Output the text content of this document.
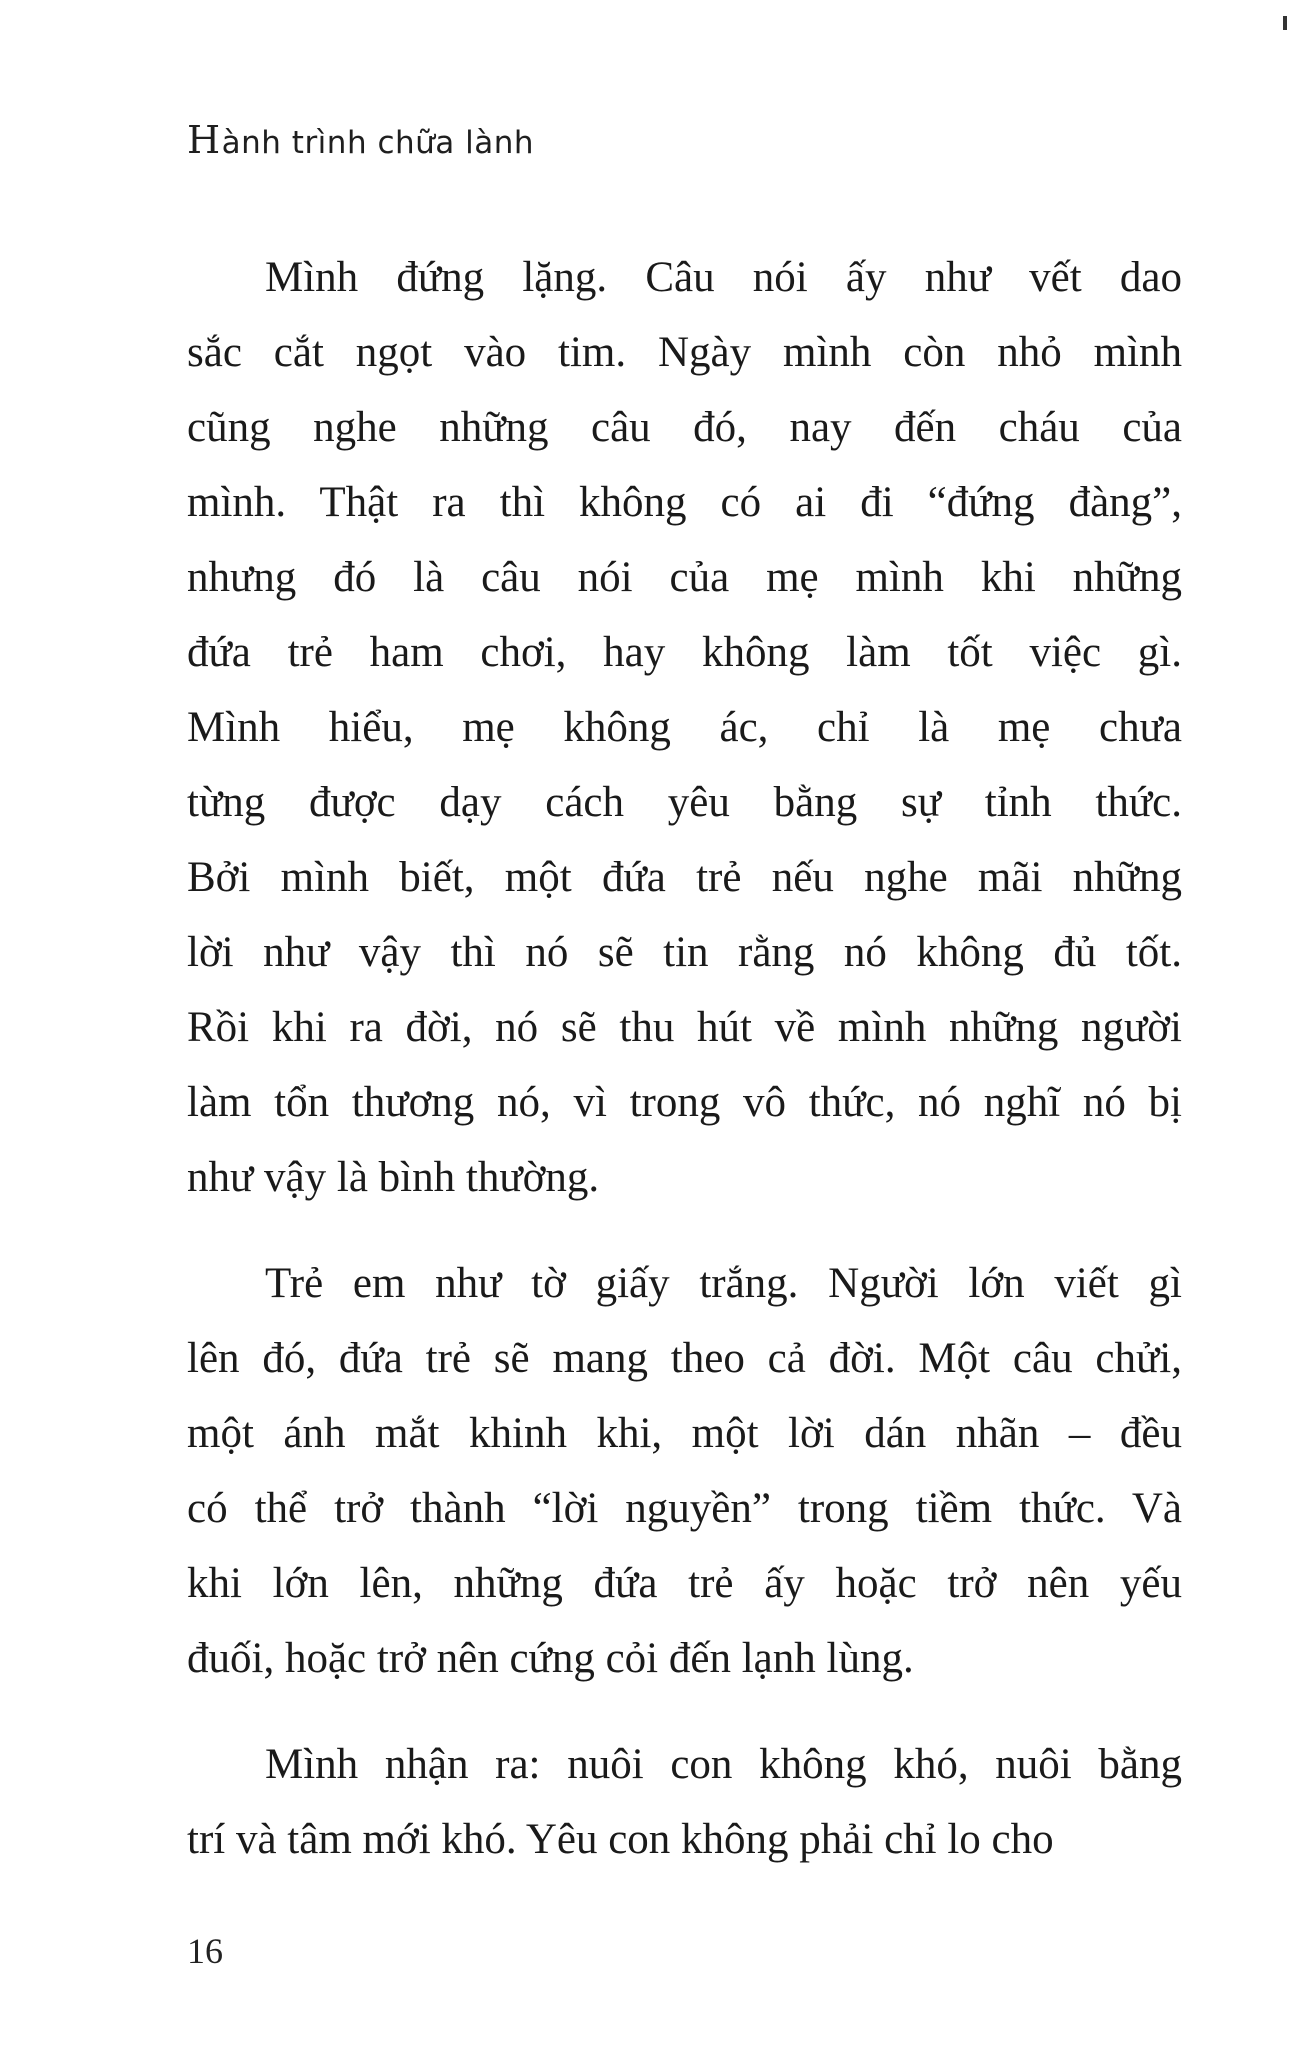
Hành trình chữa lành
Mình đứng lặng. Câu nói ấy như vết dao
sắc cắt ngọt vào tim. Ngày mình còn nhỏ mình
cũng nghe những câu đó, nay đến cháu của
mình. Thật ra thì không có ai đi “đứng đàng”,
nhưng đó là câu nói của mẹ mình khi những
đứa trẻ ham chơi, hay không làm tốt việc gì.
Mình hiểu, mẹ không ác, chỉ là mẹ chưa
từng được dạy cách yêu bằng sự tỉnh thức.
Bởi mình biết, một đứa trẻ nếu nghe mãi những
lời như vậy thì nó sẽ tin rằng nó không đủ tốt.
Rồi khi ra đời, nó sẽ thu hút về mình những người
làm tổn thương nó, vì trong vô thức, nó nghĩ nó bị
như vậy là bình thường.
Trẻ em như tờ giấy trắng. Người lớn viết gì
lên đó, đứa trẻ sẽ mang theo cả đời. Một câu chửi,
một ánh mắt khinh khi, một lời dán nhãn – đều
có thể trở thành “lời nguyền” trong tiềm thức. Và
khi lớn lên, những đứa trẻ ấy hoặc trở nên yếu
đuối, hoặc trở nên cứng cỏi đến lạnh lùng.
Mình nhận ra: nuôi con không khó, nuôi bằng
trí và tâm mới khó. Yêu con không phải chỉ lo cho
16
